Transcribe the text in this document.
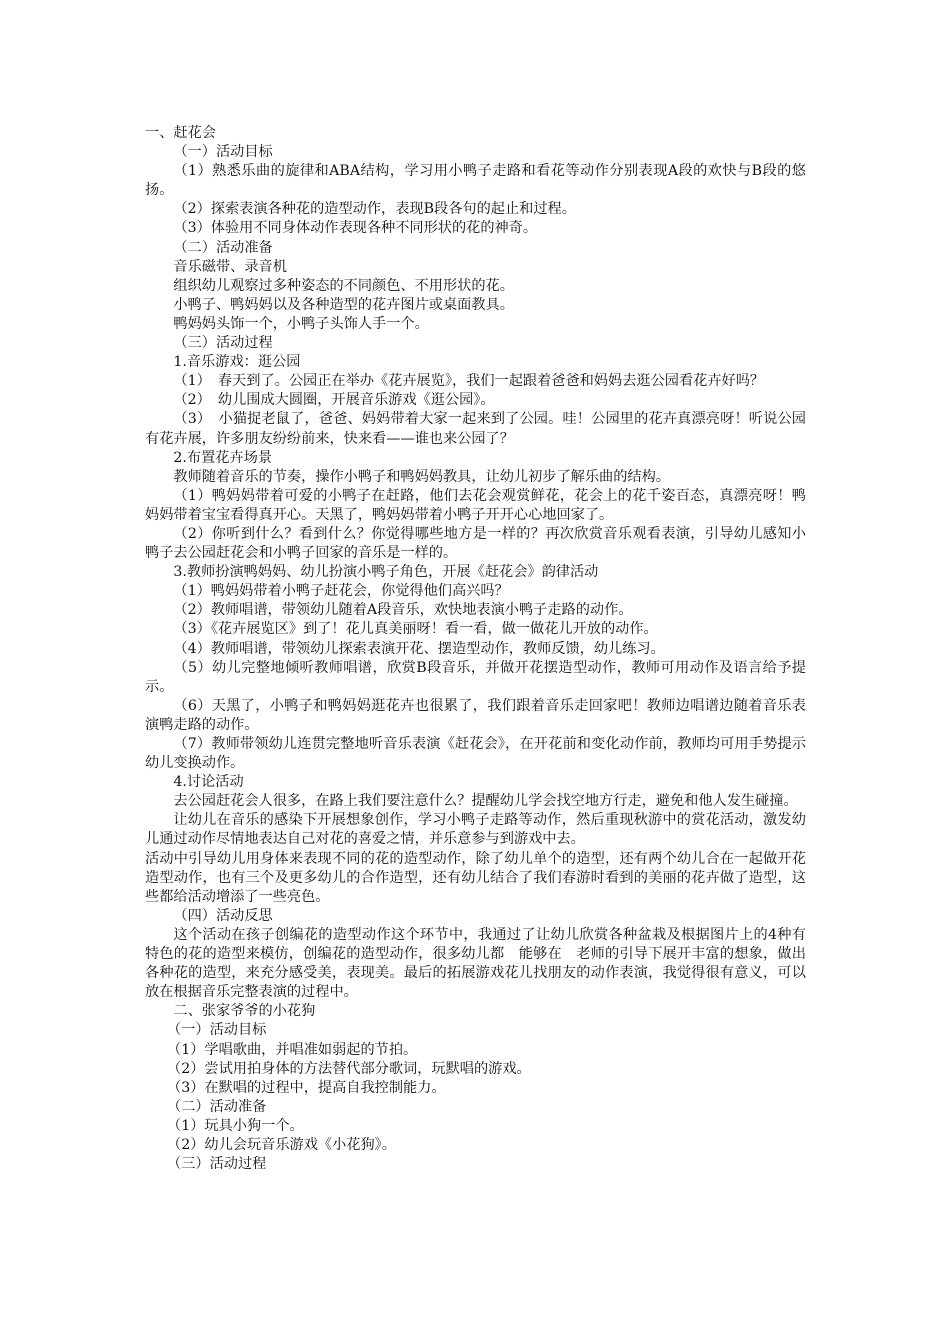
一、赶花会

（一）活动目标

（1）熟悉乐曲的旋律和ABA结构，学习用小鸭子走路和看花等动作分别表现A段的欢快与B段的悠扬。

（2）探索表演各种花的造型动作，表现B段各句的起止和过程。

（3）体验用不同身体动作表现各种不同形状的花的神奇。

（二）活动准备

音乐磁带、录音机

组织幼儿观察过多种姿态的不同颜色、不用形状的花。

小鸭子、鸭妈妈以及各种造型的花卉图片或桌面教具。

鸭妈妈头饰一个，小鸭子头饰人手一个。

（三）活动过程

1.音乐游戏：逛公园

（1）　春天到了。公园正在举办《花卉展览》，我们一起跟着爸爸和妈妈去逛公园看花卉好吗？

（2）　幼儿围成大圆圈，开展音乐游戏《逛公园》。

（3）　小猫捉老鼠了，爸爸、妈妈带着大家一起来到了公园。哇！公园里的花卉真漂亮呀！听说公园有花卉展，许多朋友纷纷前来，快来看——谁也来公园了？

2.布置花卉场景

教师随着音乐的节奏，操作小鸭子和鸭妈妈教具，让幼儿初步了解乐曲的结构。

（1）鸭妈妈带着可爱的小鸭子在赶路，他们去花会观赏鲜花，花会上的花千姿百态，真漂亮呀！鸭妈妈带着宝宝看得真开心。天黑了，鸭妈妈带着小鸭子开开心心地回家了。

（2）你听到什么？看到什么？你觉得哪些地方是一样的？再次欣赏音乐观看表演，引导幼儿感知小鸭子去公园赶花会和小鸭子回家的音乐是一样的。

3.教师扮演鸭妈妈、幼儿扮演小鸭子角色，开展《赶花会》韵律活动

（1）鸭妈妈带着小鸭子赶花会，你觉得他们高兴吗？

（2）教师唱谱，带领幼儿随着A段音乐，欢快地表演小鸭子走路的动作。

（3）《花卉展览区》到了！花儿真美丽呀！看一看，做一做花儿开放的动作。

（4）教师唱谱，带领幼儿探索表演开花、摆造型动作，教师反馈，幼儿练习。

（5）幼儿完整地倾听教师唱谱，欣赏B段音乐，并做开花摆造型动作，教师可用动作及语言给予提示。

（6）天黑了，小鸭子和鸭妈妈逛花卉也很累了，我们跟着音乐走回家吧！教师边唱谱边随着音乐表演鸭走路的动作。

（7）教师带领幼儿连贯完整地听音乐表演《赶花会》，在开花前和变化动作前，教师均可用手势提示幼儿变换动作。

4.讨论活动

去公园赶花会人很多，在路上我们要注意什么？提醒幼儿学会找空地方行走，避免和他人发生碰撞。

让幼儿在音乐的感染下开展想象创作，学习小鸭子走路等动作，然后重现秋游中的赏花活动，激发幼儿通过动作尽情地表达自己对花的喜爱之情，并乐意参与到游戏中去。

活动中引导幼儿用身体来表现不同的花的造型动作，除了幼儿单个的造型，还有两个幼儿合在一起做开花造型动作，也有三个及更多幼儿的合作造型，还有幼儿结合了我们春游时看到的美丽的花卉做了造型，这些都给活动增添了一些亮色。

（四）活动反思

这个活动在孩子创编花的造型动作这个环节中，我通过了让幼儿欣赏各种盆栽及根据图片上的4种有特色的花的造型来模仿，创编花的造型动作，很多幼儿都　能够在　老师的引导下展开丰富的想象，做出各种花的造型，来充分感受美，表现美。最后的拓展游戏花儿找朋友的动作表演，我觉得很有意义，可以放在根据音乐完整表演的过程中。

二、张家爷爷的小花狗

（一）活动目标

（1）学唱歌曲，并唱准如弱起的节拍。

（2）尝试用拍身体的方法替代部分歌词，玩默唱的游戏。

（3）在默唱的过程中，提高自我控制能力。

（二）活动准备

（1）玩具小狗一个。

（2）幼儿会玩音乐游戏《小花狗》。

（三）活动过程
